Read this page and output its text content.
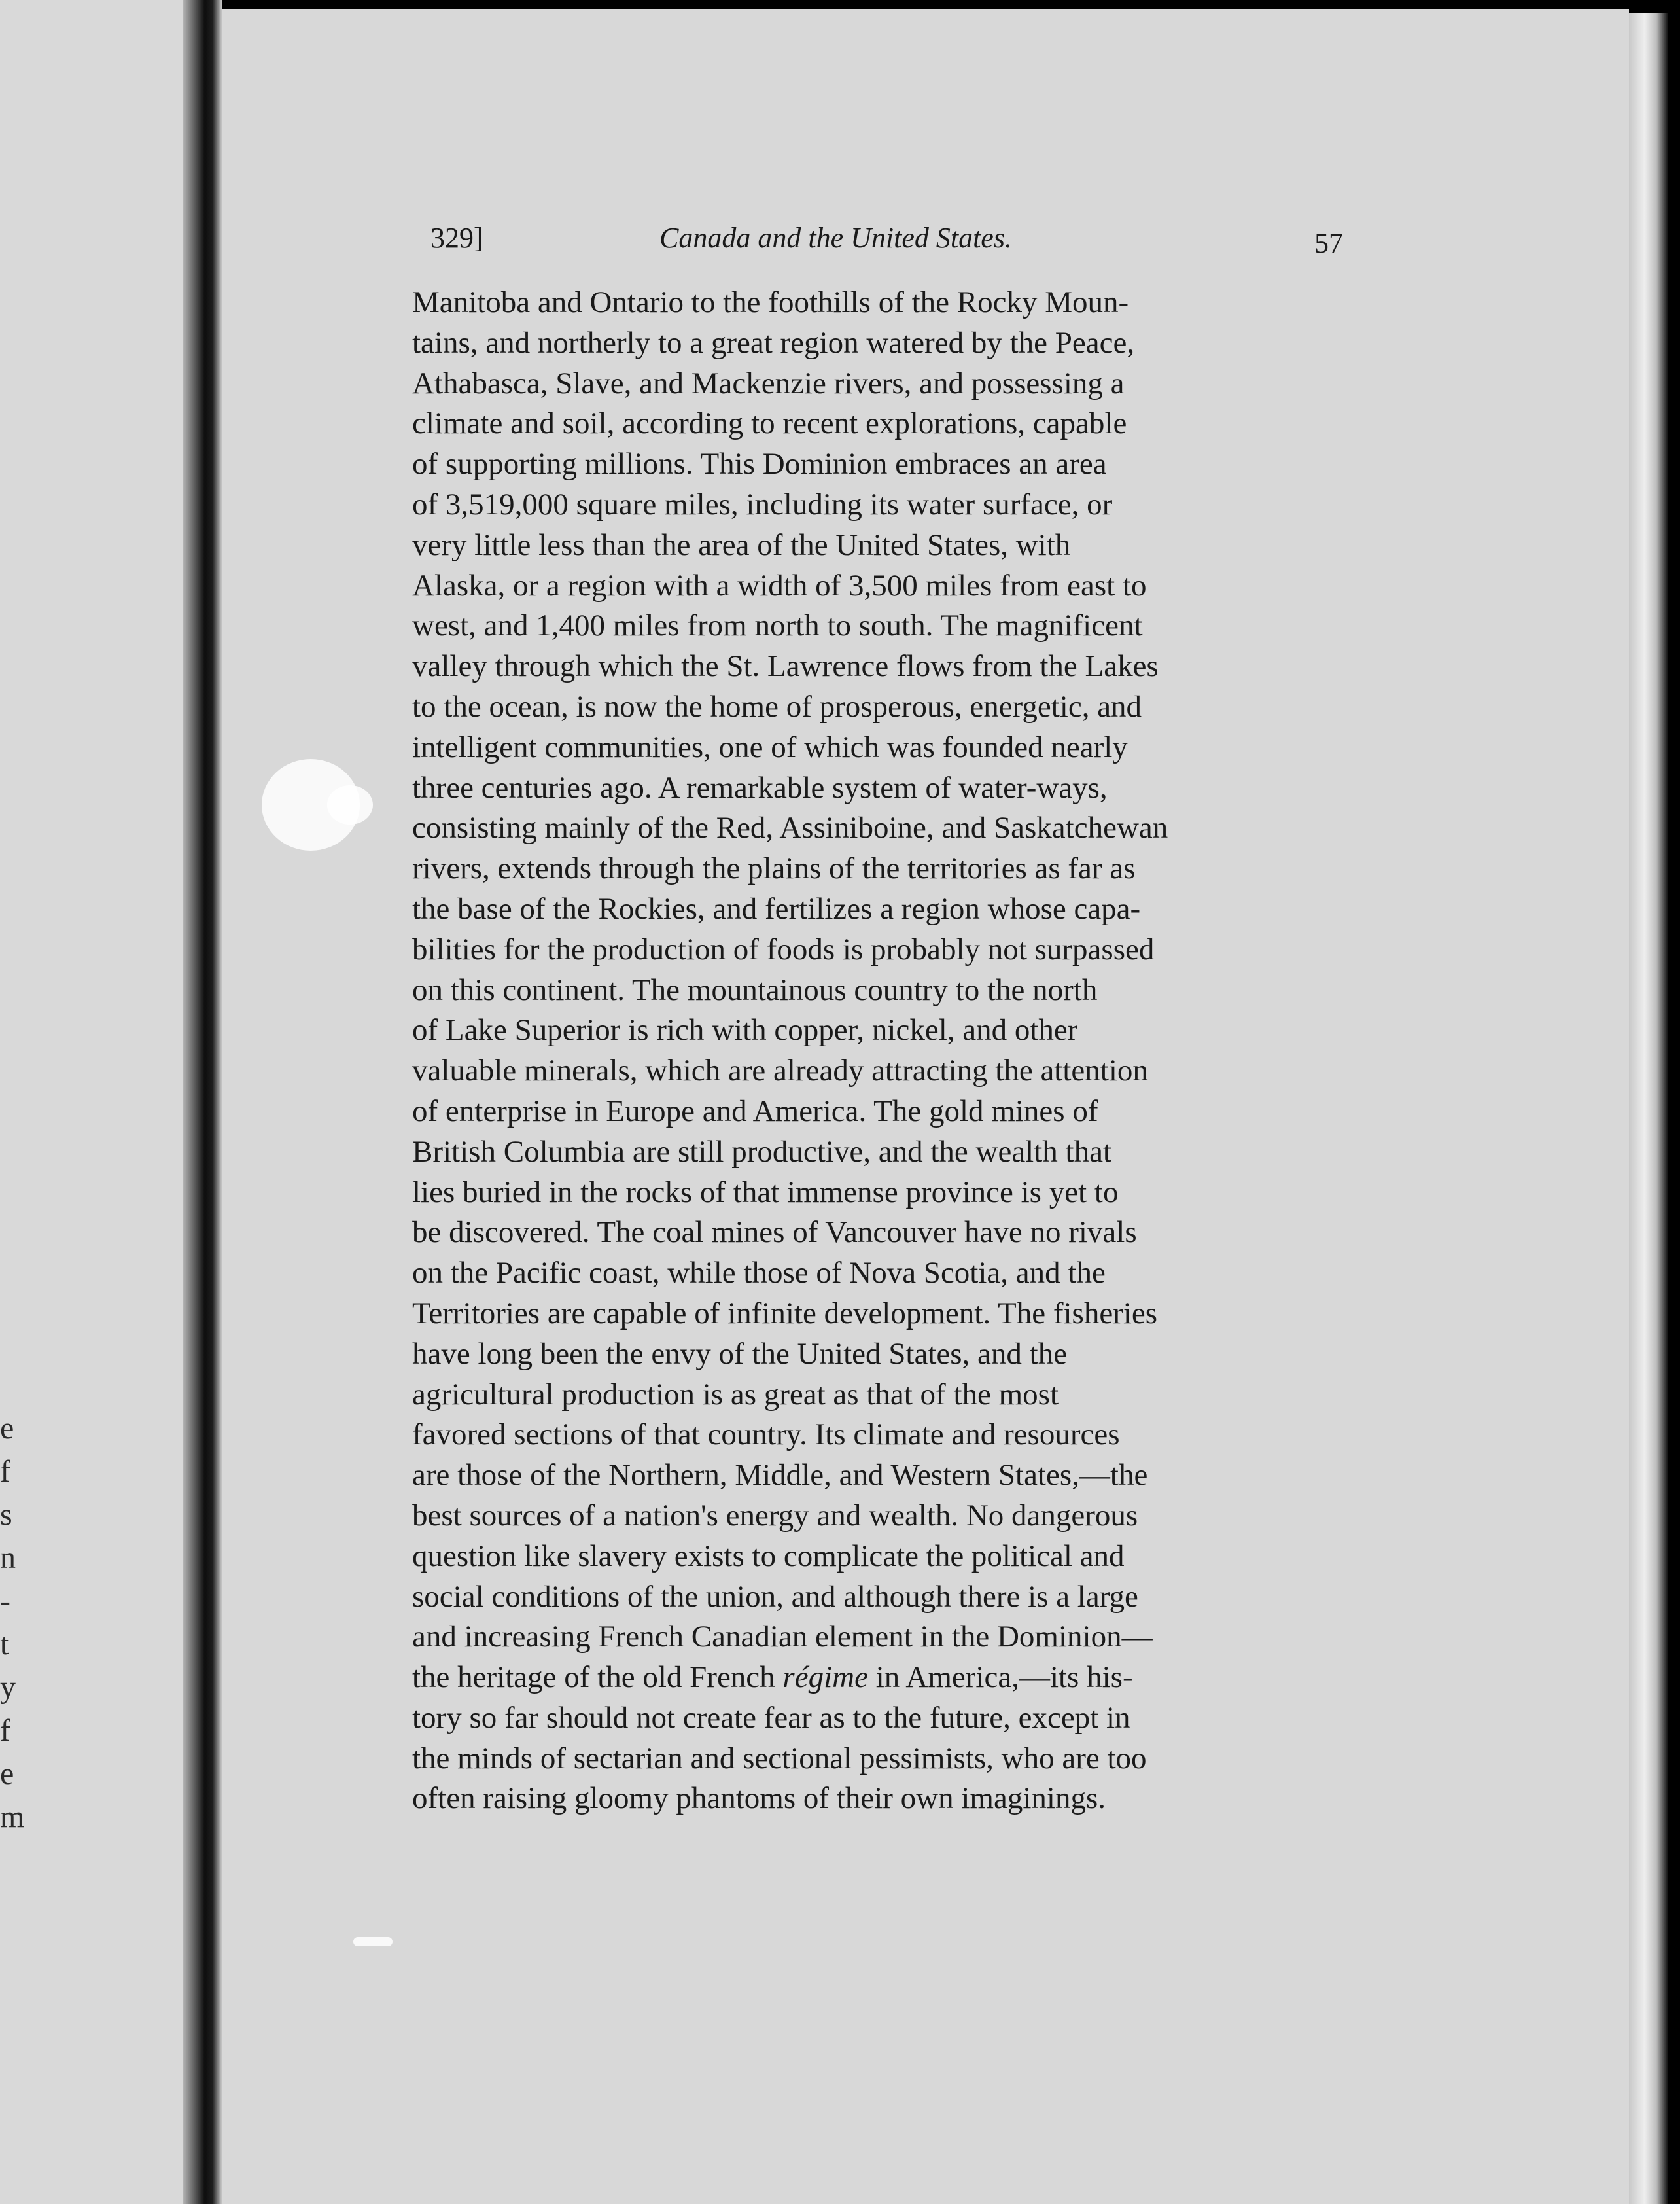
e
f
s
n
-
t
y
f
e
m
329]	Canada and the United States.	57
Manitoba and Ontario to the foothills of the Rocky Moun-
tains, and northerly to a great region watered by the Peace,
Athabasca, Slave, and Mackenzie rivers, and possessing a
climate and soil, according to recent explorations, capable
of supporting millions. This Dominion embraces an area
of 3,519,000 square miles, including its water surface, or
very little less than the area of the United States, with
Alaska, or a region with a width of 3,500 miles from east to
west, and 1,400 miles from north to south. The magnificent
valley through which the St. Lawrence flows from the Lakes
to the ocean, is now the home of prosperous, energetic, and
intelligent communities, one of which was founded nearly
three centuries ago. A remarkable system of water-ways,
consisting mainly of the Red, Assiniboine, and Saskatchewan
rivers, extends through the plains of the territories as far as
the base of the Rockies, and fertilizes a region whose capa-
bilities for the production of foods is probably not surpassed
on this continent. The mountainous country to the north
of Lake Superior is rich with copper, nickel, and other
valuable minerals, which are already attracting the attention
of enterprise in Europe and America. The gold mines of
British Columbia are still productive, and the wealth that
lies buried in the rocks of that immense province is yet to
be discovered. The coal mines of Vancouver have no rivals
on the Pacific coast, while those of Nova Scotia, and the
Territories are capable of infinite development. The fisheries
have long been the envy of the United States, and the
agricultural production is as great as that of the most
favored sections of that country. Its climate and resources
are those of the Northern, Middle, and Western States,—the
best sources of a nation's energy and wealth. No dangerous
question like slavery exists to complicate the political and
social conditions of the union, and although there is a large
and increasing French Canadian element in the Dominion—
the heritage of the old French régime in America,—its his-
tory so far should not create fear as to the future, except in
the minds of sectarian and sectional pessimists, who are too
often raising gloomy phantoms of their own imaginings.
